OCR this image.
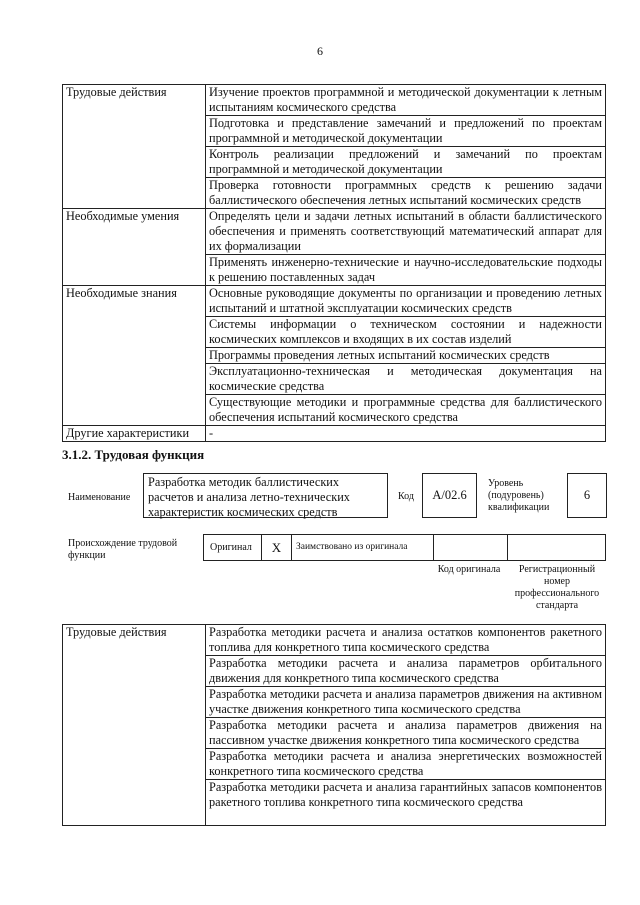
6
Трудовые действия	Изучение проектов программной и методической документации к летным испытаниям космического средства
	Подготовка и представление замечаний и предложений по проектам программной и методической документации
	Контроль реализации предложений и замечаний по проектам программной и методической документации
	Проверка готовности программных средств к решению задачи баллистического обеспечения летных испытаний космических средств
Необходимые умения	Определять цели и задачи летных испытаний в области баллистического обеспечения и применять соответствующий математический аппарат для их формализации
	Применять инженерно-технические и научно-исследовательские подходы к решению поставленных задач
Необходимые знания	Основные руководящие документы по организации и проведению летных испытаний и штатной эксплуатации космических средств
	Системы информации о техническом состоянии и надежности космических комплексов и входящих в их состав изделий
	Программы проведения летных испытаний космических средств
	Эксплуатационно-техническая и методическая документация на космические средства
	Существующие методики и программные средства для баллистического обеспечения испытаний космического средства
Другие характеристики	-
3.1.2. Трудовая функция
Наименование
Разработка методик баллистических расчетов и анализа летно-технических характеристик космических средств
Код	А/02.6
Уровень (подуровень) квалификации
6
Происхождение трудовой функции
Оригинал	X	Заимствовано из оригинала
Код оригинала	Регистрационный номер профессионального стандарта
Трудовые действия	Разработка методики расчета и анализа остатков компонентов ракетного топлива для конкретного типа космического средства
Разработка методики расчета и анализа параметров орбитального движения для конкретного типа космического средства
Разработка методики расчета и анализа параметров движения на активном участке движения конкретного типа космического средства
Разработка методики расчета и анализа параметров движения на пассивном участке движения конкретного типа космического средства
Разработка методики расчета и анализа энергетических возможностей конкретного типа космического средства
Разработка методики расчета и анализа гарантийных запасов компонентов ракетного топлива конкретного типа космического средства
